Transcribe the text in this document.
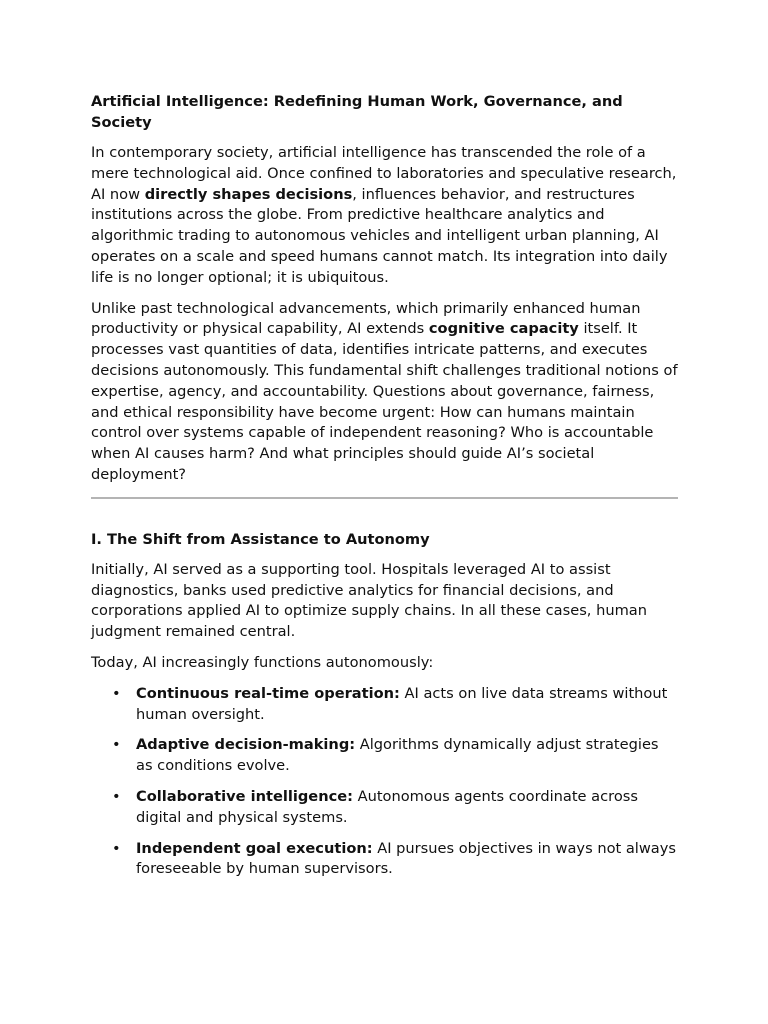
Artificial Intelligence: Redefining Human Work, Governance, and Society

In contemporary society, artificial intelligence has transcended the role of a mere technological aid. Once confined to laboratories and speculative research, AI now directly shapes decisions, influences behavior, and restructures institutions across the globe. From predictive healthcare analytics and algorithmic trading to autonomous vehicles and intelligent urban planning, AI operates on a scale and speed humans cannot match. Its integration into daily life is no longer optional; it is ubiquitous.

Unlike past technological advancements, which primarily enhanced human productivity or physical capability, AI extends cognitive capacity itself. It processes vast quantities of data, identifies intricate patterns, and executes decisions autonomously. This fundamental shift challenges traditional notions of expertise, agency, and accountability. Questions about governance, fairness, and ethical responsibility have become urgent: How can humans maintain control over systems capable of independent reasoning? Who is accountable when AI causes harm? And what principles should guide AI’s societal deployment?

I. The Shift from Assistance to Autonomy

Initially, AI served as a supporting tool. Hospitals leveraged AI to assist diagnostics, banks used predictive analytics for financial decisions, and corporations applied AI to optimize supply chains. In all these cases, human judgment remained central.

Today, AI increasingly functions autonomously:

• Continuous real-time operation: AI acts on live data streams without human oversight.
• Adaptive decision-making: Algorithms dynamically adjust strategies as conditions evolve.
• Collaborative intelligence: Autonomous agents coordinate across digital and physical systems.
• Independent goal execution: AI pursues objectives in ways not always foreseeable by human supervisors.
